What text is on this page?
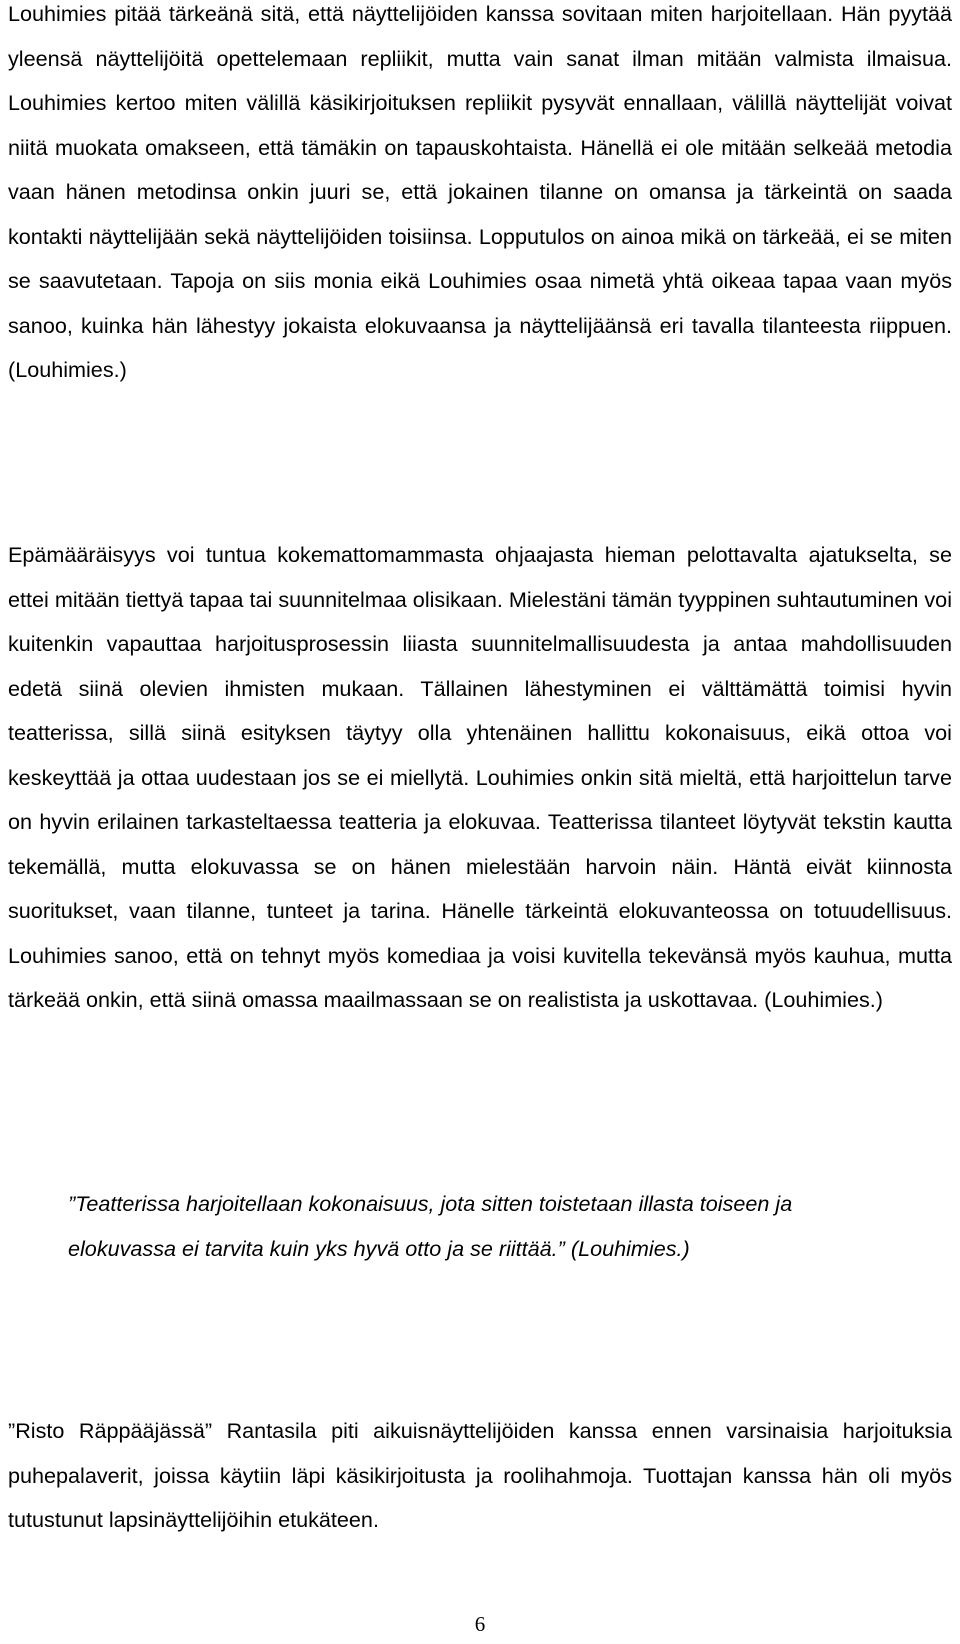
Louhimies pitää tärkeänä sitä, että näyttelijöiden kanssa sovitaan miten harjoitellaan. Hän pyytää yleensä näyttelijöitä opettelemaan repliikit, mutta vain sanat ilman mitään valmista ilmaisua. Louhimies kertoo miten välillä käsikirjoituksen repliikit pysyvät ennallaan, välillä näyttelijät voivat niitä muokata omakseen, että tämäkin on tapauskohtaista. Hänellä ei ole mitään selkeää metodia vaan hänen metodinsa onkin juuri se, että jokainen tilanne on omansa ja tärkeintä on saada kontakti näyttelijään sekä näyttelijöiden toisiinsa. Lopputulos on ainoa mikä on tärkeää, ei se miten se saavutetaan. Tapoja on siis monia eikä Louhimies osaa nimetä yhtä oikeaa tapaa vaan myös sanoo, kuinka hän lähestyy jokaista elokuvaansa ja näyttelijäänsä eri tavalla tilanteesta riippuen. (Louhimies.)

Epämääräisyys voi tuntua kokemattomammasta ohjaajasta hieman pelottavalta ajatukselta, se ettei mitään tiettyä tapaa tai suunnitelmaa olisikaan. Mielestäni tämän tyyppinen suhtautuminen voi kuitenkin vapauttaa harjoitusprosessin liiasta suunnitelmallisuudesta ja antaa mahdollisuuden edetä siinä olevien ihmisten mukaan. Tällainen lähestyminen ei välttämättä toimisi hyvin teatterissa, sillä siinä esityksen täytyy olla yhtenäinen hallittu kokonaisuus, eikä ottoa voi keskeyttää ja ottaa uudestaan jos se ei miellytä. Louhimies onkin sitä mieltä, että harjoittelun tarve on hyvin erilainen tarkasteltaessa teatteria ja elokuvaa. Teatterissa tilanteet löytyvät tekstin kautta tekemällä, mutta elokuvassa se on hänen mielestään harvoin näin. Häntä eivät kiinnosta suoritukset, vaan tilanne, tunteet ja tarina. Hänelle tärkeintä elokuvanteossa on totuudellisuus. Louhimies sanoo, että on tehnyt myös komediaa ja voisi kuvitella tekevänsä myös kauhua, mutta tärkeää onkin, että siinä omassa maailmassaan se on realistista ja uskottavaa. (Louhimies.)

”Teatterissa harjoitellaan kokonaisuus, jota sitten toistetaan illasta toiseen ja elokuvassa ei tarvita kuin yks hyvä otto ja se riittää.” (Louhimies.)

”Risto Räppääjässä” Rantasila piti aikuisnäyttelijöiden kanssa ennen varsinaisia harjoituksia puhepalaverit, joissa käytiin läpi käsikirjoitusta ja roolihahmoja. Tuottajan kanssa hän oli myös tutustunut lapsinäyttelijöihin etukäteen.

6
